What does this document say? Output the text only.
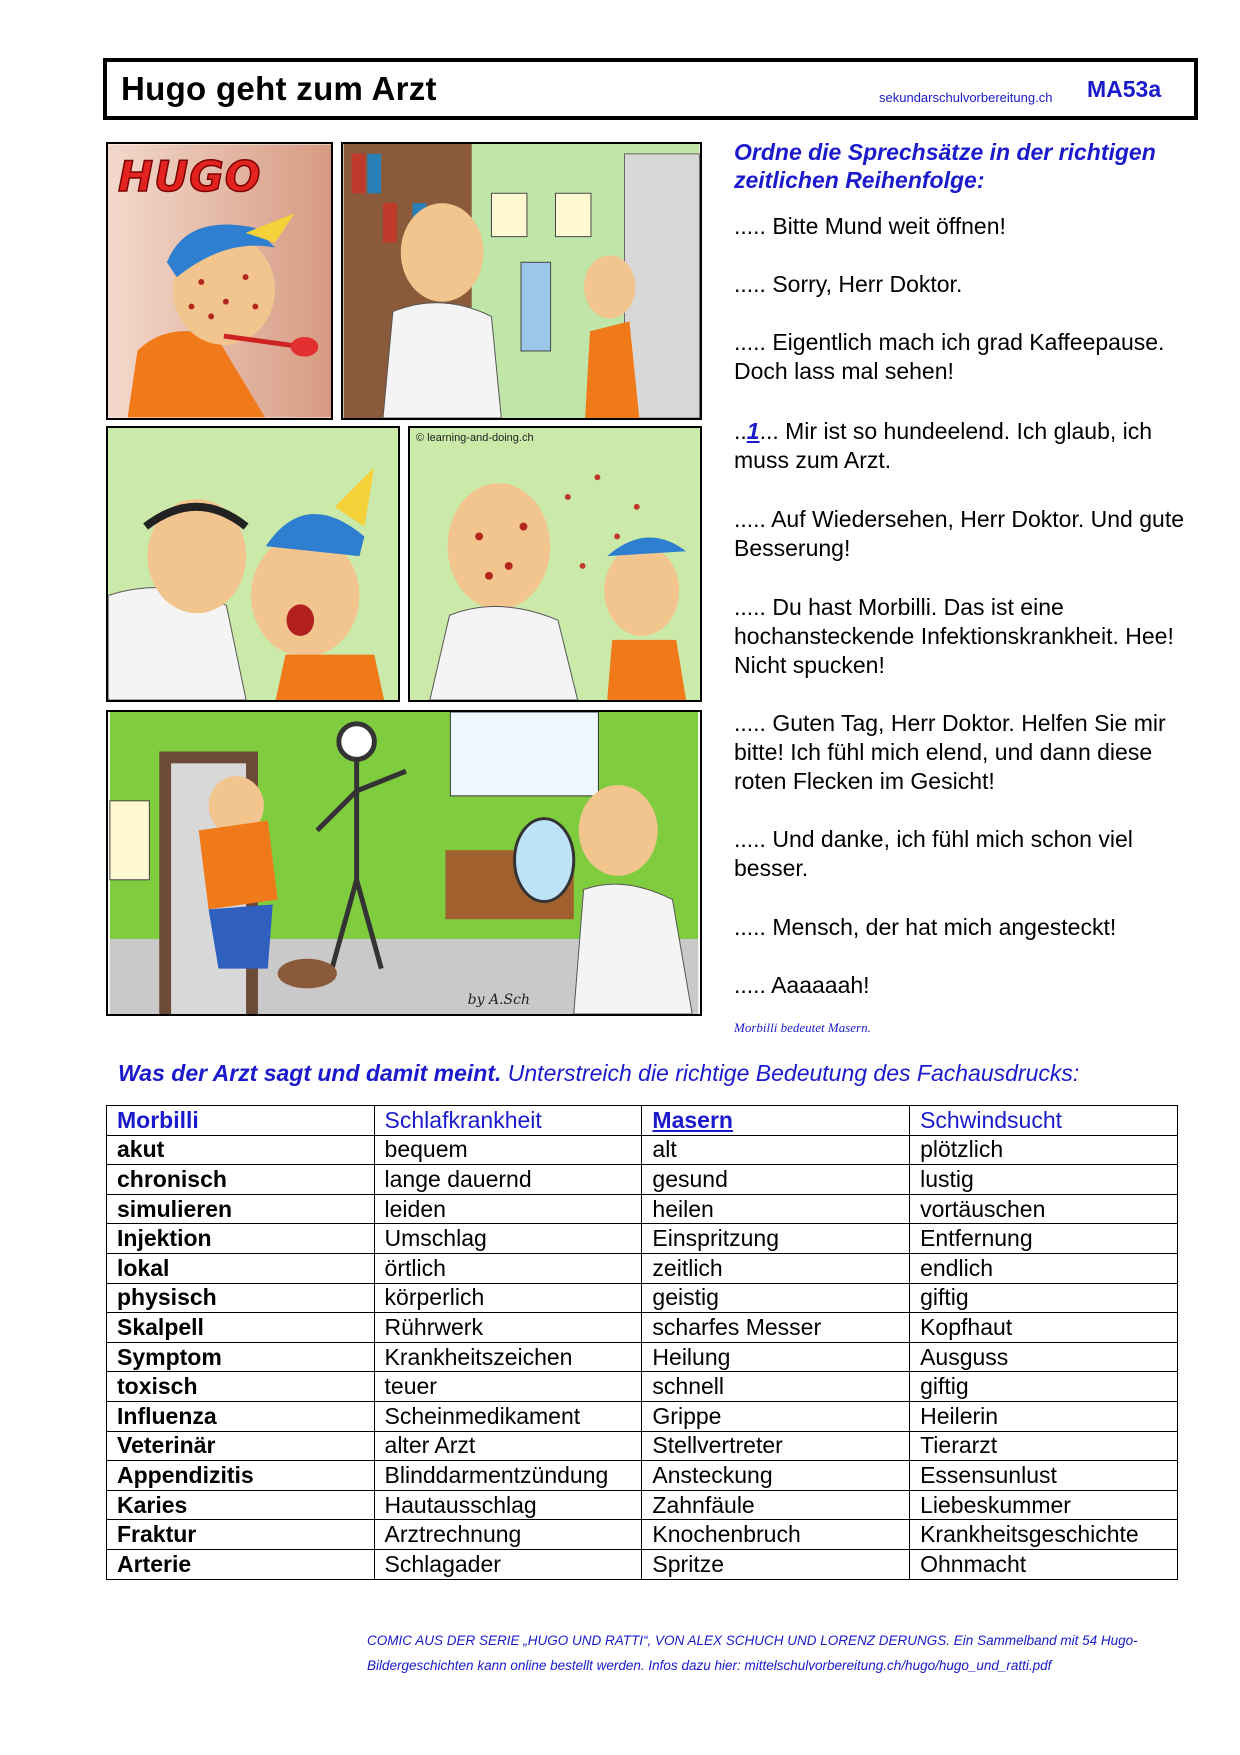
Hugo geht zum Arzt	sekundarschulvorbereitung.ch MA53a
HUGO
© learning-and-doing.ch
by A.Sch
Ordne die Sprechsätze in der richtigen zeitlichen Reihenfolge:
..... Bitte Mund weit öffnen!
..... Sorry, Herr Doktor.
..... Eigentlich mach ich grad Kaffeepause. Doch lass mal sehen!
..1... Mir ist so hundeelend. Ich glaub, ich muss zum Arzt.
..... Auf Wiedersehen, Herr Doktor. Und gute Besserung!
..... Du hast Morbilli. Das ist eine hochansteckende Infektionskrankheit. Hee! Nicht spucken!
..... Guten Tag, Herr Doktor. Helfen Sie mir bitte! Ich fühl mich elend, und dann diese roten Flecken im Gesicht!
..... Und danke, ich fühl mich schon viel besser.
..... Mensch, der hat mich angesteckt!
..... Aaaaaah!
Morbilli bedeutet Masern.
Was der Arzt sagt und damit meint. Unterstreich die richtige Bedeutung des Fachausdrucks:
Morbilli	Schlafkrankheit	Masern	Schwindsucht
akut	bequem	alt	plötzlich
chronisch	lange dauernd	gesund	lustig
simulieren	leiden	heilen	vortäuschen
Injektion	Umschlag	Einspritzung	Entfernung
lokal	örtlich	zeitlich	endlich
physisch	körperlich	geistig	giftig
Skalpell	Rührwerk	scharfes Messer	Kopfhaut
Symptom	Krankheitszeichen	Heilung	Ausguss
toxisch	teuer	schnell	giftig
Influenza	Scheinmedikament	Grippe	Heilerin
Veterinär	alter Arzt	Stellvertreter	Tierarzt
Appendizitis	Blinddarmentzündung	Ansteckung	Essensunlust
Karies	Hautausschlag	Zahnfäule	Liebeskummer
Fraktur	Arztrechnung	Knochenbruch	Krankheitsgeschichte
Arterie	Schlagader	Spritze	Ohnmacht
COMIC AUS DER SERIE „HUGO UND RATTI“, VON ALEX SCHUCH UND LORENZ DERUNGS. Ein Sammelband mit 54 Hugo-
Bildergeschichten kann online bestellt werden. Infos dazu hier: mittelschulvorbereitung.ch/hugo/hugo_und_ratti.pdf
